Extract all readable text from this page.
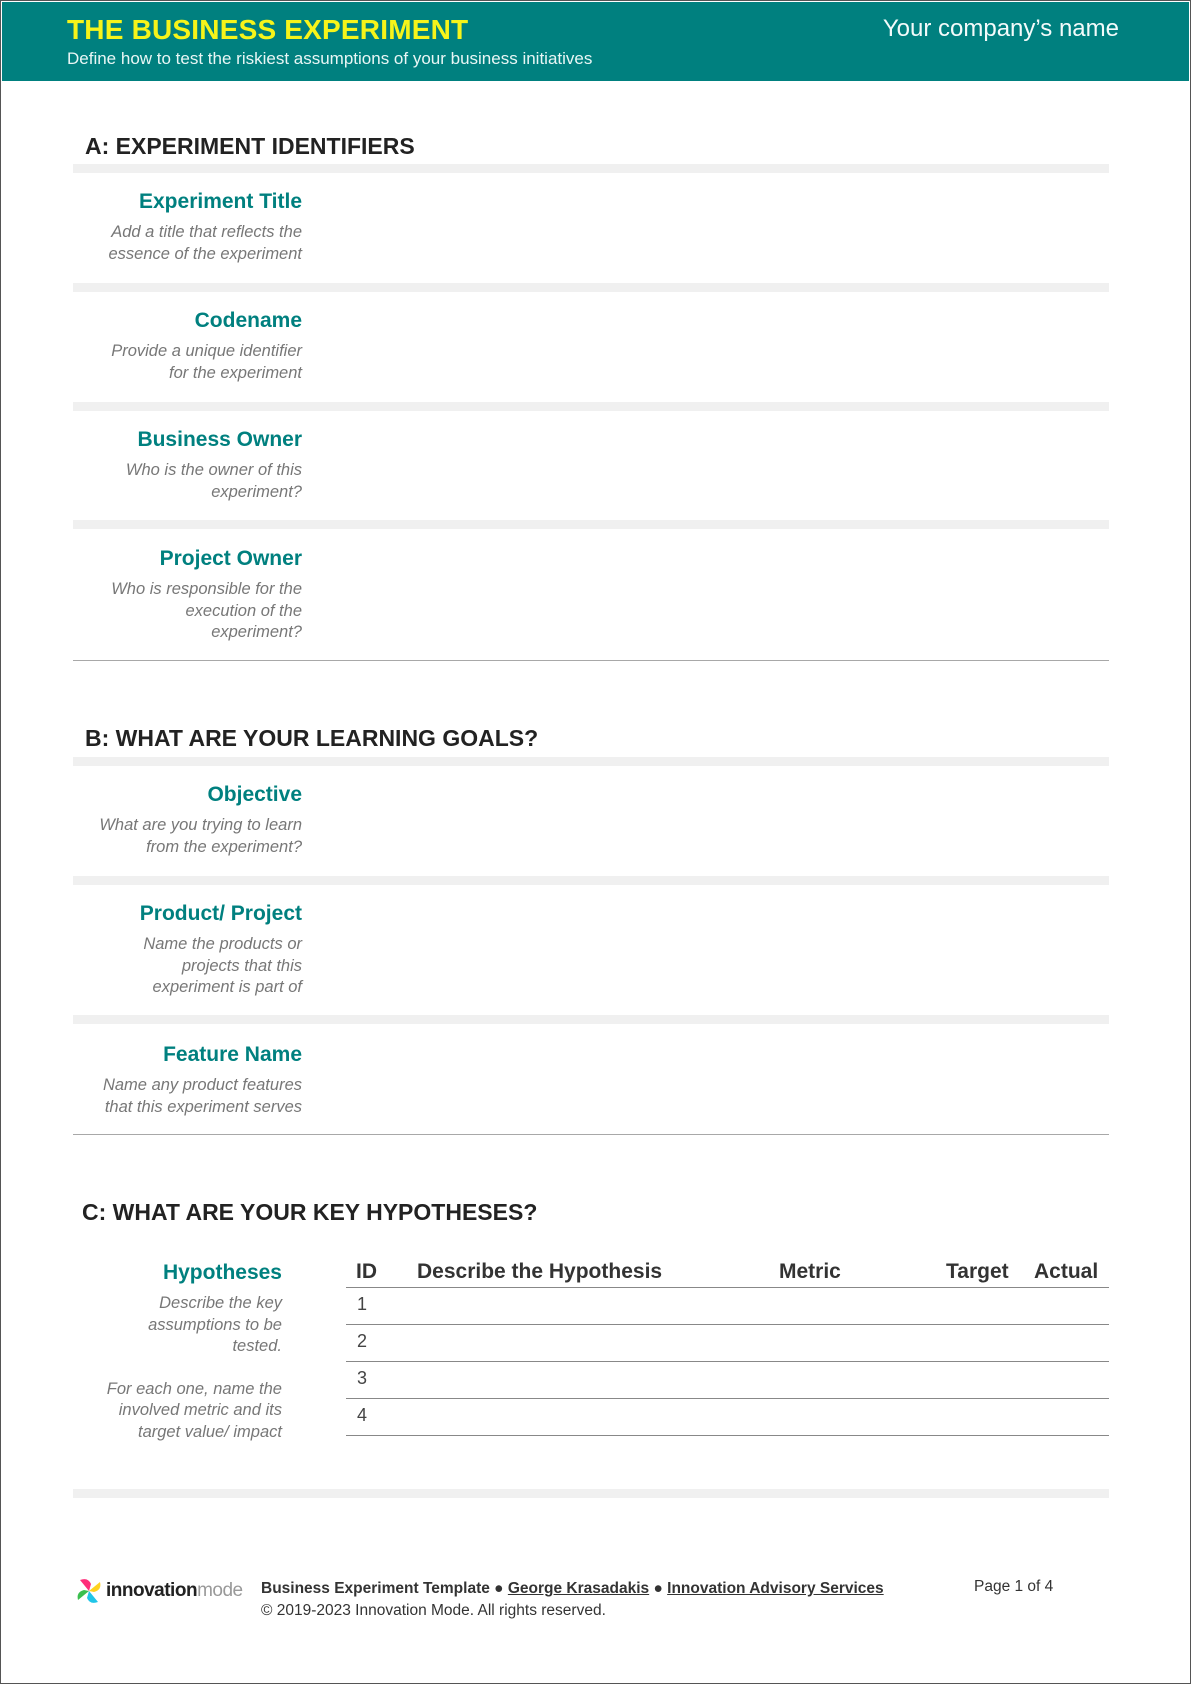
THE BUSINESS EXPERIMENT
Define how to test the riskiest assumptions of your business initiatives
Your company’s name
A: EXPERIMENT IDENTIFIERS
Experiment Title
Add a title that reflects the
essence of the experiment
Codename
Provide a unique identifier
for the experiment
Business Owner
Who is the owner of this
experiment?
Project Owner
Who is responsible for the
execution of the
experiment?
B: WHAT ARE YOUR LEARNING GOALS?
Objective
What are you trying to learn
from the experiment?
Product/ Project
Name the products or
projects that this
experiment is part of
Feature Name
Name any product features
that this experiment serves
C: WHAT ARE YOUR KEY HYPOTHESES?
Hypotheses
Describe the key
assumptions to be
tested.
For each one, name the
involved metric and its
target value/ impact
ID Describe the Hypothesis	Metric	Target Actual
1
2
3
4
innovationmode Business Experiment Template ● George Krasadakis ● Innovation Advisory Services
© 2019-2023 Innovation Mode. All rights reserved.
Page 1 of 4
